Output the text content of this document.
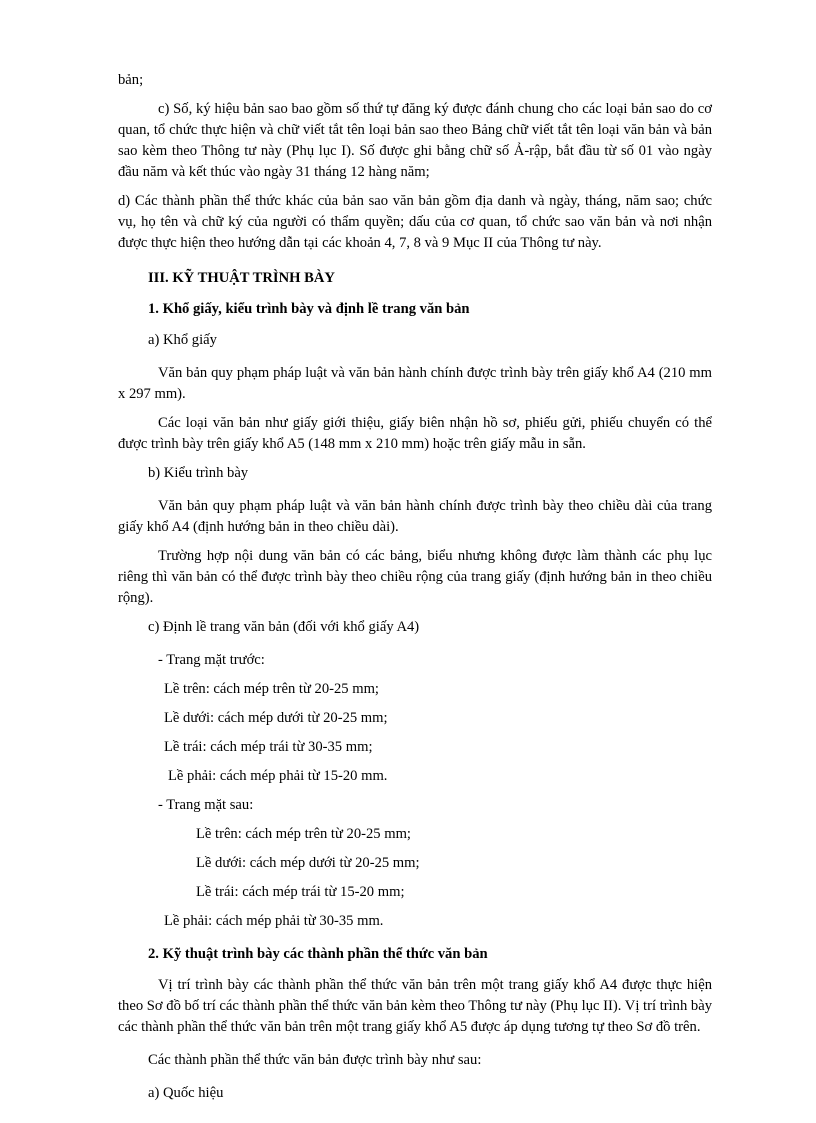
bản;

c) Số, ký hiệu bản sao bao gồm số thứ tự đăng ký được đánh chung cho các loại bản sao do cơ quan, tổ chức thực hiện và chữ viết tắt tên loại bản sao theo Bảng chữ viết tắt tên loại văn bản và bản sao kèm theo Thông tư này (Phụ lục I). Số được ghi bằng chữ số Ả-rập, bắt đầu từ số 01 vào ngày đầu năm và kết thúc vào ngày 31 tháng 12 hàng năm;

d) Các thành phần thể thức khác của bản sao văn bản gồm địa danh và ngày, tháng, năm sao; chức vụ, họ tên và chữ ký của người có thẩm quyền; dấu của cơ quan, tổ chức sao văn bản và nơi nhận được thực hiện theo hướng dẫn tại các khoản 4, 7, 8 và 9 Mục II của Thông tư này.

III. KỸ THUẬT TRÌNH BÀY
1. Khổ giấy, kiểu trình bày và định lề trang văn bản

a) Khổ giấy

Văn bản quy phạm pháp luật và văn bản hành chính được trình bày trên giấy khổ A4 (210 mm x 297 mm).

Các loại văn bản như giấy giới thiệu, giấy biên nhận hồ sơ, phiếu gửi, phiếu chuyển có thể được trình bày trên giấy khổ A5 (148 mm x 210 mm) hoặc trên giấy mẫu in sẵn.

b) Kiểu trình bày

Văn bản quy phạm pháp luật và văn bản hành chính được trình bày theo chiều dài của trang giấy khổ A4 (định hướng bản in theo chiều dài).

Trường hợp nội dung văn bản có các bảng, biểu nhưng không được làm thành các phụ lục riêng thì văn bản có thể được trình bày theo chiều rộng của trang giấy (định hướng bản in theo chiều rộng).

c) Định lề trang văn bản (đối với khổ giấy A4)

- Trang mặt trước:

Lề trên: cách mép trên từ 20-25 mm;

Lề dưới: cách mép dưới từ 20-25 mm;

Lề trái: cách mép trái từ 30-35 mm;

Lề phải: cách mép phải từ 15-20 mm.

- Trang mặt sau:

Lề trên: cách mép trên từ 20-25 mm;

Lề dưới: cách mép dưới từ 20-25 mm;

Lề trái: cách mép trái từ 15-20 mm;

Lề phải: cách mép phải từ 30-35 mm.

2. Kỹ thuật trình bày các thành phần thể thức văn bản

Vị trí trình bày các thành phần thể thức văn bản trên một trang giấy khổ A4 được thực hiện theo Sơ đồ bố trí các thành phần thể thức văn bản kèm theo Thông tư này (Phụ lục II). Vị trí trình bày các thành phần thể thức văn bản trên một trang giấy khổ A5 được áp dụng tương tự theo Sơ đồ trên.

Các thành phần thể thức văn bản được trình bày như sau:

a) Quốc hiệu
